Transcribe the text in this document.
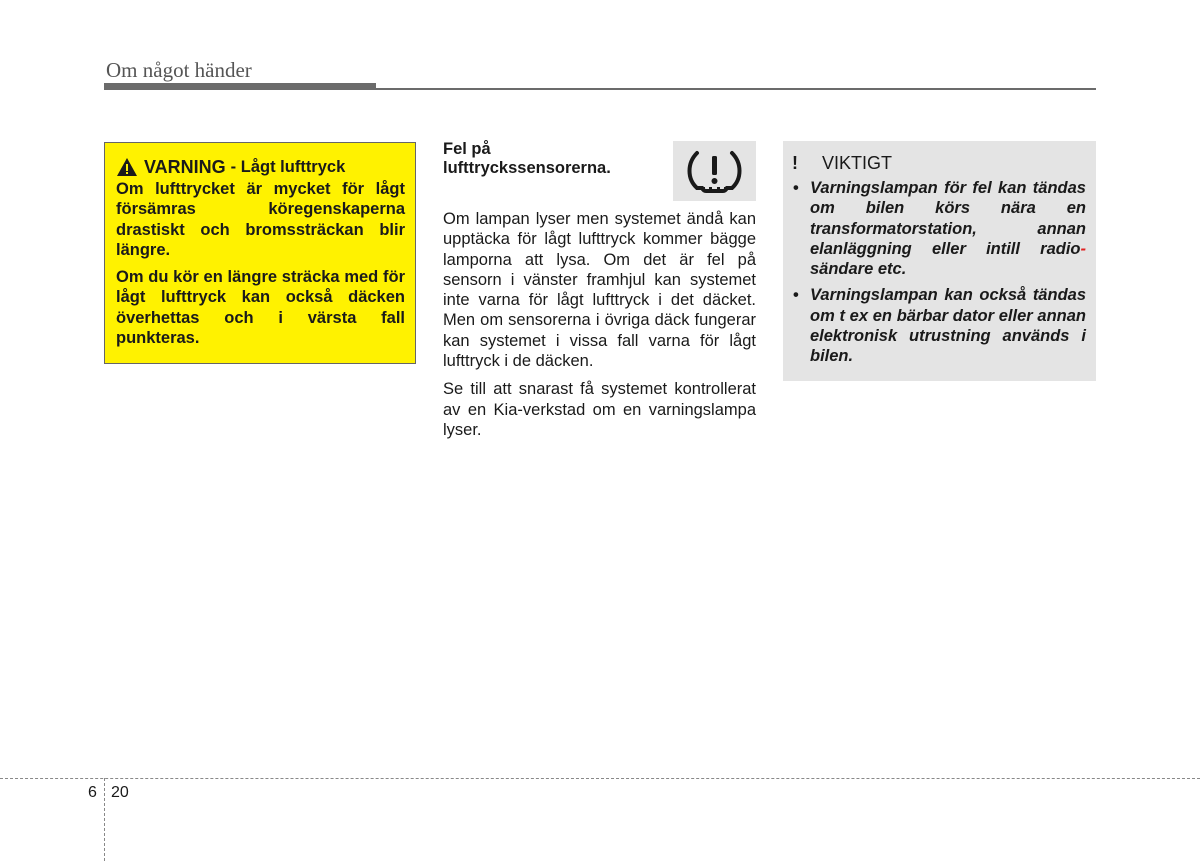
Om något händer
VARNING - Lågt lufttryck

Om lufttrycket är mycket för lågt försämras köregenskaperna drastiskt och bromssträckan blir längre.

Om du kör en längre sträcka med för lågt lufttryck kan också däcken överhettas och i värsta fall punkteras.

Fel på lufttryckssensorerna.

Om lampan lyser men systemet ändå kan upptäcka för lågt lufttryck kommer bägge lamporna att lysa. Om det är fel på sensorn i vänster framhjul kan systemet inte varna för lågt lufttryck i det däcket. Men om sensorerna i övriga däck fungerar kan systemet i vissa fall varna för lågt lufttryck i de däcken.

Se till att snarast få systemet kontrollerat av en Kia-verkstad om en varningslampa lyser.

!	VIKTIGT
• Varningslampan för fel kan tändas om bilen körs nära en transformatorstation, annan elanläggning eller intill radio-sändare etc.
• Varningslampan kan också tändas om t ex en bärbar dator eller annan elektronisk utrustning används i bilen.
6 20
